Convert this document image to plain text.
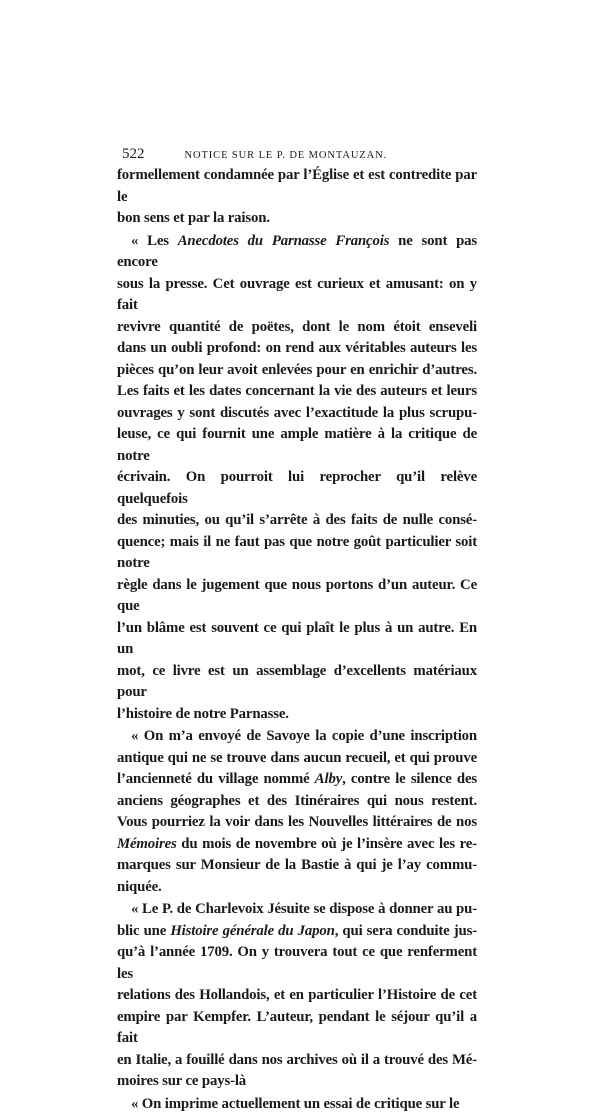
522	NOTICE SUR LE P. DE MONTAUZAN.

formellement condamnée par l’Église et est contredite par le
bon sens et par la raison.

« Les Anecdotes du Parnasse François ne sont pas encore
sous la presse. Cet ouvrage est curieux et amusant: on y fait
revivre quantité de poëtes, dont le nom étoit enseveli
dans un oubli profond: on rend aux véritables auteurs les
pièces qu’on leur avoit enlevées pour en enrichir d’autres.
Les faits et les dates concernant la vie des auteurs et leurs
ouvrages y sont discutés avec l’exactitude la plus scrupu-
leuse, ce qui fournit une ample matière à la critique de notre
écrivain. On pourroit lui reprocher qu’il relève quelquefois
des minuties, ou qu’il s’arrête à des faits de nulle consé-
quence; mais il ne faut pas que notre goût particulier soit notre
règle dans le jugement que nous portons d’un auteur. Ce que
l’un blâme est souvent ce qui plaît le plus à un autre. En un
mot, ce livre est un assemblage d’excellents matériaux pour
l’histoire de notre Parnasse.

« On m’a envoyé de Savoye la copie d’une inscription
antique qui ne se trouve dans aucun recueil, et qui prouve
l’ancienneté du village nommé Alby, contre le silence des
anciens géographes et des Itinéraires qui nous restent.
Vous pourriez la voir dans les Nouvelles littéraires de nos
Mémoires du mois de novembre où je l’insère avec les re-
marques sur Monsieur de la Bastie à qui je l’ay commu-
niquée.

« Le P. de Charlevoix Jésuite se dispose à donner au pu-
blic une Histoire générale du Japon, qui sera conduite jus-
qu’à l’année 1709. On y trouvera tout ce que renferment les
relations des Hollandois, et en particulier l’Histoire de cet
empire par Kempfer. L’auteur, pendant le séjour qu’il a fait
en Italie, a fouillé dans nos archives où il a trouvé des Mé-
moires sur ce pays-là

« On imprime actuellement un essai de critique sur le
